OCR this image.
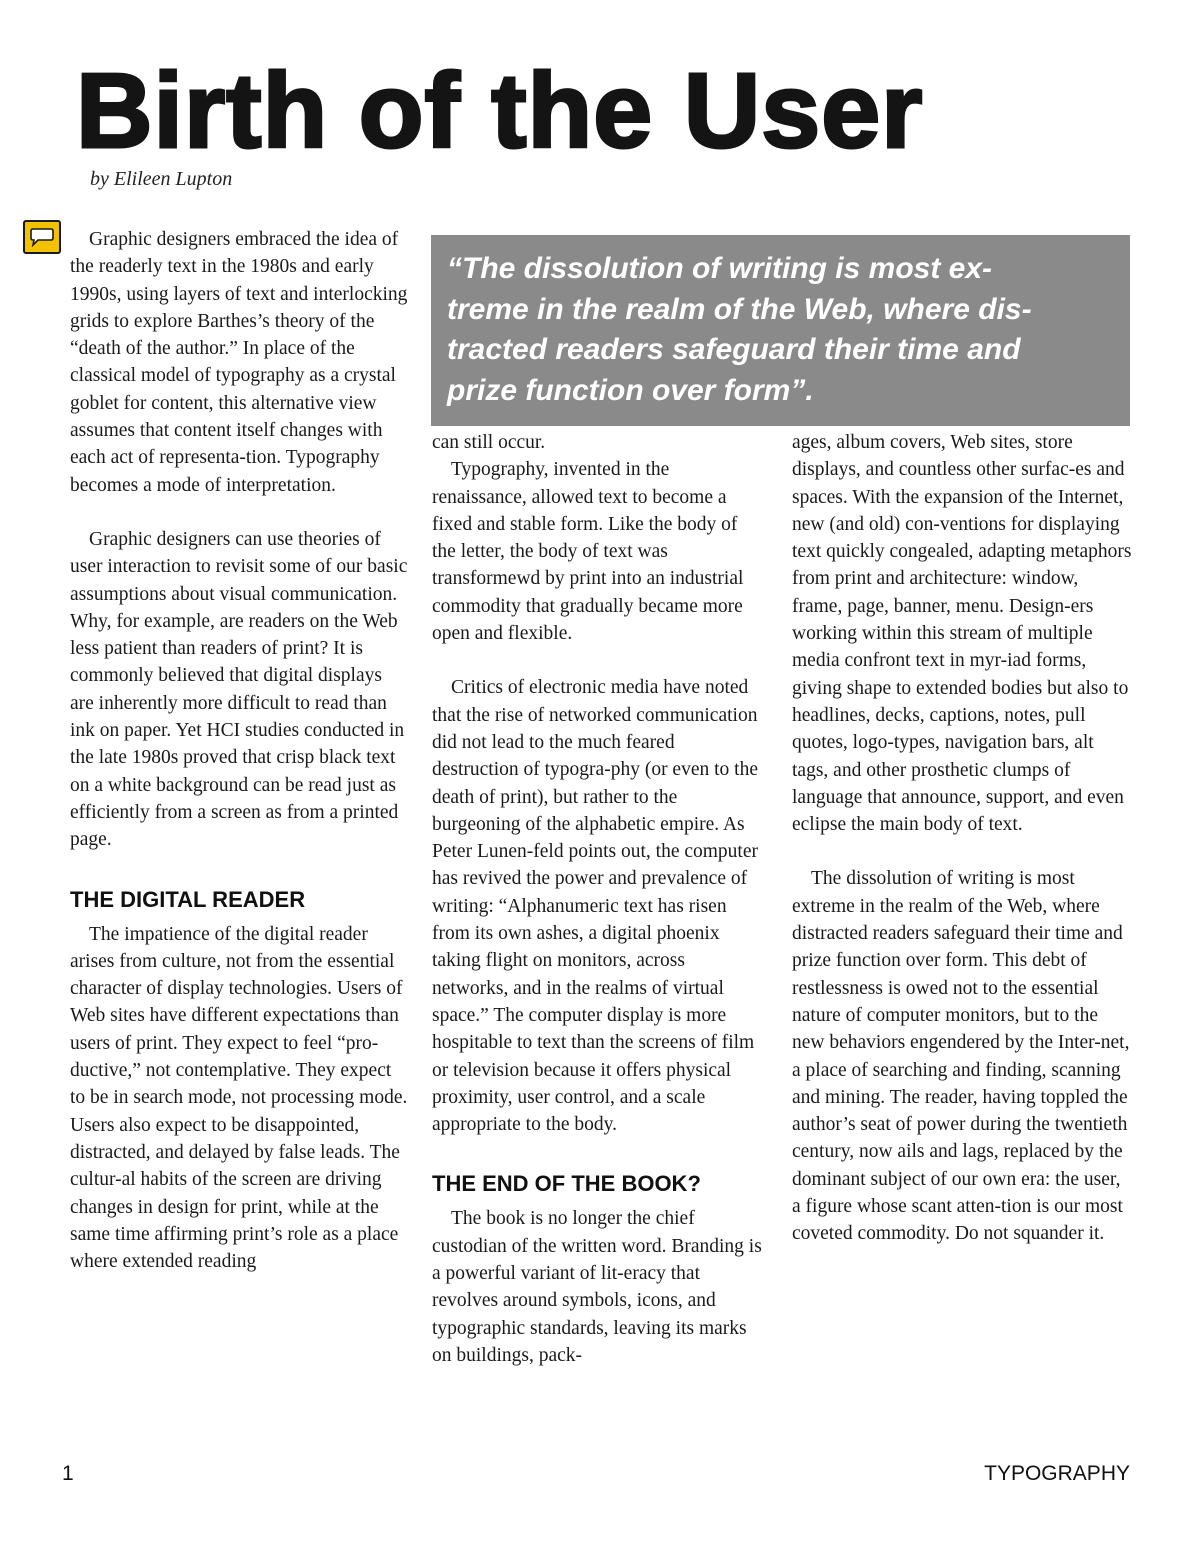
Birth of the User
by Elileen Lupton
“The dissolution of writing is most ex-
treme in the realm of the Web, where dis-
tracted readers safeguard their time and
prize function over form”.

Graphic designers embraced the idea of the readerly text in the 1980s and early 1990s, using layers of text and interlocking grids to explore Barthes’s theory of the “death of the author.” In place of the classical model of typography as a crystal goblet for content, this alternative view assumes that content itself changes with each act of representa-tion. Typography becomes a mode of interpretation.

Graphic designers can use theories of user interaction to revisit some of our basic assumptions about visual communication. Why, for example, are readers on the Web less patient than readers of print? It is commonly believed that digital displays are inherently more difficult to read than ink on paper. Yet HCI studies conducted in the late 1980s proved that crisp black text on a white background can be read just as efficiently from a screen as from a printed page.

THE DIGITAL READER

The impatience of the digital reader arises from culture, not from the essential character of display technologies. Users of Web sites have different expectations than users of print. They expect to feel “pro-ductive,” not contemplative. They expect to be in search mode, not processing mode. Users also expect to be disappointed, distracted, and delayed by false leads. The cultur-al habits of the screen are driving changes in design for print, while at the same time affirming print’s role as a place where extended reading

can still occur.

Typography, invented in the renaissance, allowed text to become a fixed and stable form. Like the body of the letter, the body of text was transformewd by print into an industrial commodity that gradually became more open and flexible.

Critics of electronic media have noted that the rise of networked communication did not lead to the much feared destruction of typogra-phy (or even to the death of print), but rather to the burgeoning of the alphabetic empire. As Peter Lunen-feld points out, the computer has revived the power and prevalence of writing: “Alphanumeric text has risen from its own ashes, a digital phoenix taking flight on monitors, across networks, and in the realms of virtual space.” The computer display is more hospitable to text than the screens of film or television because it offers physical proximity, user control, and a scale appropriate to the body.

THE END OF THE BOOK?

The book is no longer the chief custodian of the written word. Branding is a powerful variant of lit-eracy that revolves around symbols, icons, and typographic standards, leaving its marks on buildings, pack-

ages, album covers, Web sites, store displays, and countless other surfac-es and spaces. With the expansion of the Internet, new (and old) con-ventions for displaying text quickly congealed, adapting metaphors from print and architecture: window, frame, page, banner, menu. Design-ers working within this stream of multiple media confront text in myr-iad forms, giving shape to extended bodies but also to headlines, decks, captions, notes, pull quotes, logo-types, navigation bars, alt tags, and other prosthetic clumps of language that announce, support, and even eclipse the main body of text.

The dissolution of writing is most extreme in the realm of the Web, where distracted readers safeguard their time and prize function over form. This debt of restlessness is owed not to the essential nature of computer monitors, but to the new behaviors engendered by the Inter-net, a place of searching and finding, scanning and mining. The reader, having toppled the author’s seat of power during the twentieth century, now ails and lags, replaced by the dominant subject of our own era: the user, a figure whose scant atten-tion is our most coveted commodity. Do not squander it.

1	TYPOGRAPHY
